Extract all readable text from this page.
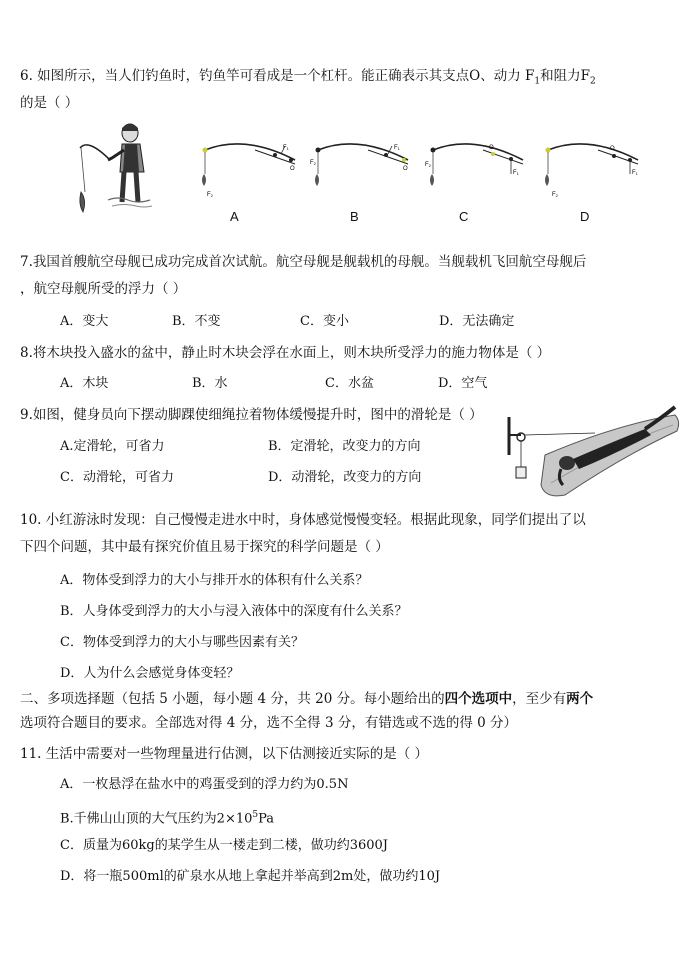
6. 如图所示，当人们钓鱼时，钓鱼竿可看成是一个杠杆。能正确表示其支点O、动力 $F_1$和阻力$F_2$
的是（ ）
F1
F2
O
F1
F2
O
F1
F2
O
F1
F2
O
A	B	C	D
7.我国首艘航空母舰已成功完成首次试航。航空母舰是舰载机的母舰。当舰载机飞回航空母舰后
，航空母舰所受的浮力（ ）
A．变大	B．不变	C．变小	D．无法确定
8.将木块投入盛水的盆中，静止时木块会浮在水面上，则木块所受浮力的施力物体是（ ）
A．木块	B．水	C．水盆	D．空气
9.如图，健身员向下摆动脚踝使细绳拉着物体缓慢提升时，图中的滑轮是（ ）
A.定滑轮，可省力	B．定滑轮，改变力的方向
C．动滑轮，可省力	D．动滑轮，改变力的方向
10. 小红游泳时发现：自己慢慢走进水中时，身体感觉慢慢变轻。根据此现象，同学们提出了以
下四个问题，其中最有探究价值且易于探究的科学问题是（ ）
A．物体受到浮力的大小与排开水的体积有什么关系？
B．人身体受到浮力的大小与浸入液体中的深度有什么关系？
C．物体受到浮力的大小与哪些因素有关？
D．人为什么会感觉身体变轻？
二、多项选择题（包括 5 小题，每小题 4 分，共 20 分。每小题给出的四个选项中，至少有两个
选项符合题目的要求。全部选对得 4 分，选不全得 3 分，有错选或不选的得 0 分）
11. 生活中需要对一些物理量进行估测，以下估测接近实际的是（ ）
A．一枚悬浮在盐水中的鸡蛋受到的浮力约为0.5N
B.千佛山山顶的大气压约为$2\times 10^5Pa$
C．质量为60kg的某学生从一楼走到二楼，做功约3600J
D．将一瓶500ml的矿泉水从地上拿起并举高到2m处，做功约10J
